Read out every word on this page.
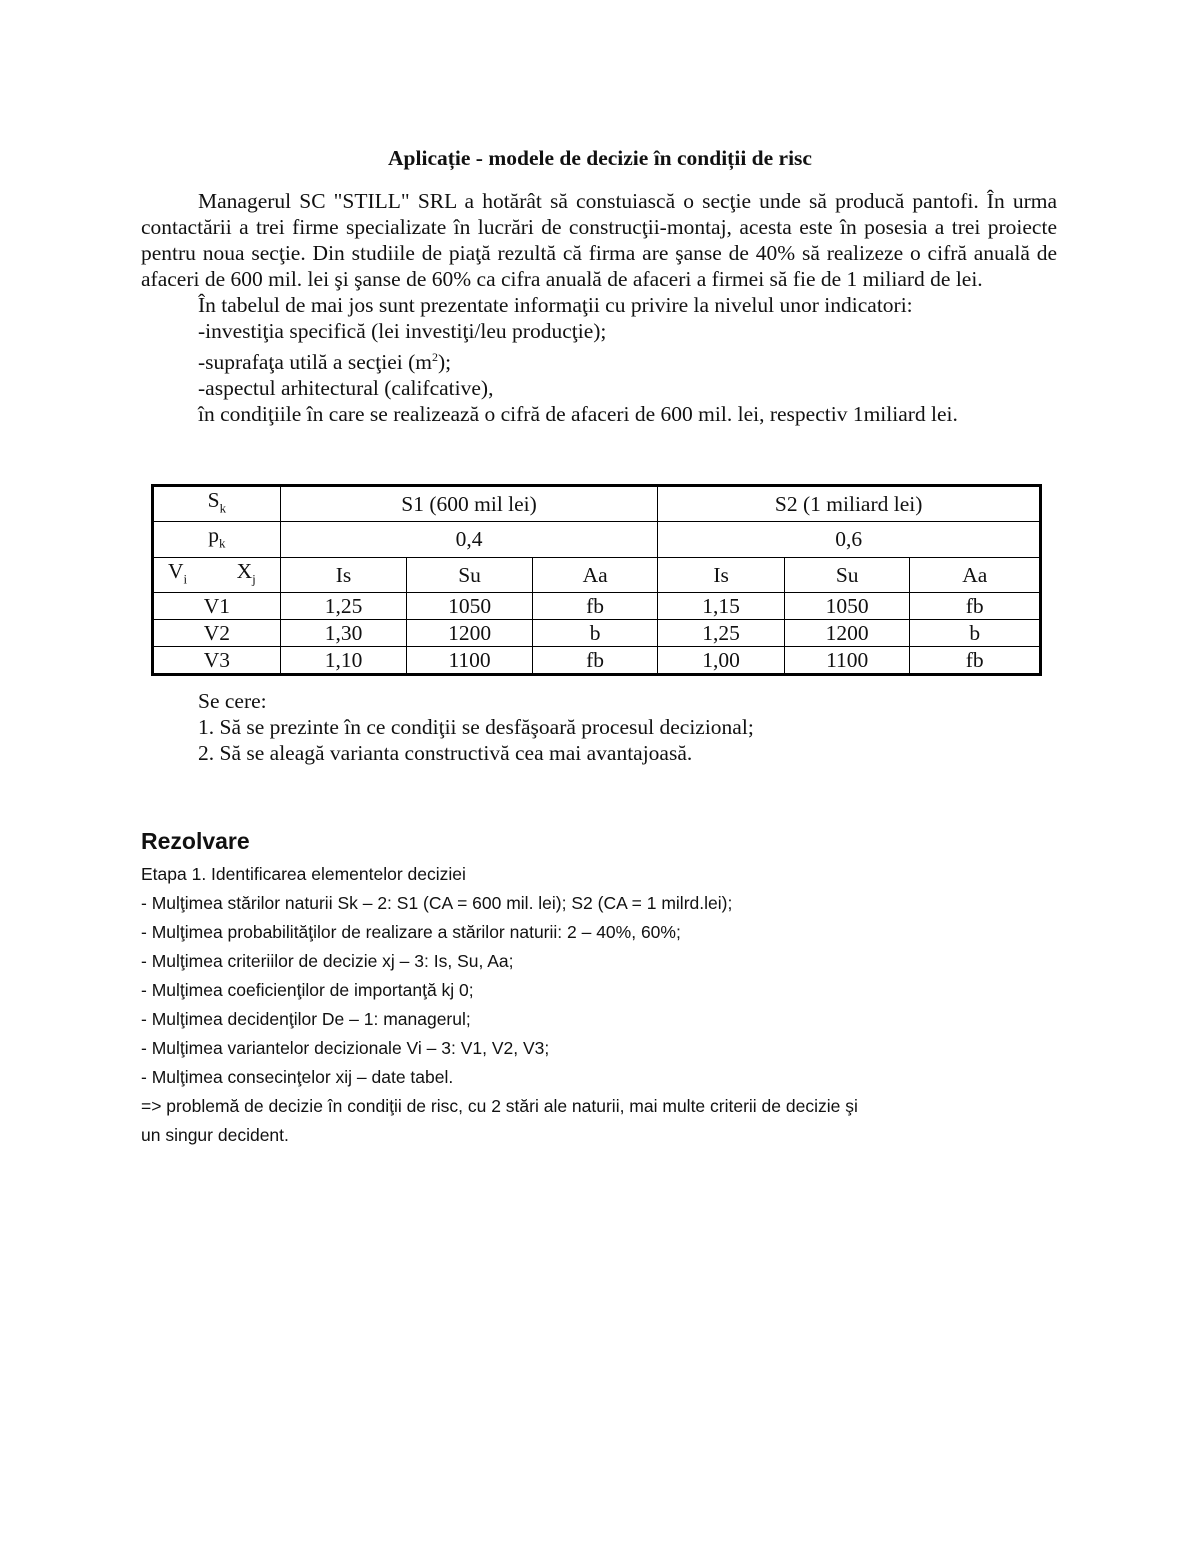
Aplicație - modele de decizie în condiții de risc

Managerul SC "STILL" SRL a hotărât să constuiască o secţie unde să producă pantofi. În urma contactării a trei firme specializate în lucrări de construcţii-montaj, acesta este în posesia a trei proiecte pentru noua secţie. Din studiile de piaţă rezultă că firma are şanse de 40% să realizeze o cifră anuală de afaceri de 600 mil. lei şi şanse de 60% ca cifra anuală de afaceri a firmei să fie de 1 miliard de lei.

În tabelul de mai jos sunt prezentate informaţii cu privire la nivelul unor indicatori:

-investiţia specifică (lei investiţi/leu producţie);

-suprafaţa utilă a secţiei $(m^2)$;

-aspectul arhitectural (califcative),

în condiţiile în care se realizează o cifră de afaceri de 600 mil. lei, respectiv 1miliard lei.

$S_k$	S1 (600 mil lei)			S2 (1 miliard lei)		
$p_k$	0,4			0,6		

$V_i$ $X_j$	Is	Su	Aa	Is	Su	Aa
V1	1,25	1050	fb	1,15	1050	fb
V2	1,30	1200	b	1,25	1200	b
V3	1,10	1100	fb	1,00	1100	fb

Se cere:

1. Să se prezinte în ce condiţii se desfăşoară procesul decizional;

2. Să se aleagă varianta constructivă cea mai avantajoasă.

Rezolvare

Etapa 1. Identificarea elementelor deciziei

- Mulţimea stărilor naturii Sk – 2: S1 (CA = 600 mil. lei); S2 (CA = 1 milrd.lei);

- Mulţimea probabilităţilor de realizare a stărilor naturii: 2 – 40%, 60%;

- Mulţimea criteriilor de decizie xj – 3: Is, Su, Aa;

- Mulţimea coeficienţilor de importanţă kj 0;

- Mulţimea decidenţilor De – 1: managerul;

- Mulţimea variantelor decizionale Vi – 3: V1, V2, V3;

- Mulţimea consecinţelor xij – date tabel.

=> problemă de decizie în condiţii de risc, cu 2 stări ale naturii, mai multe criterii de decizie şi

un singur decident.
